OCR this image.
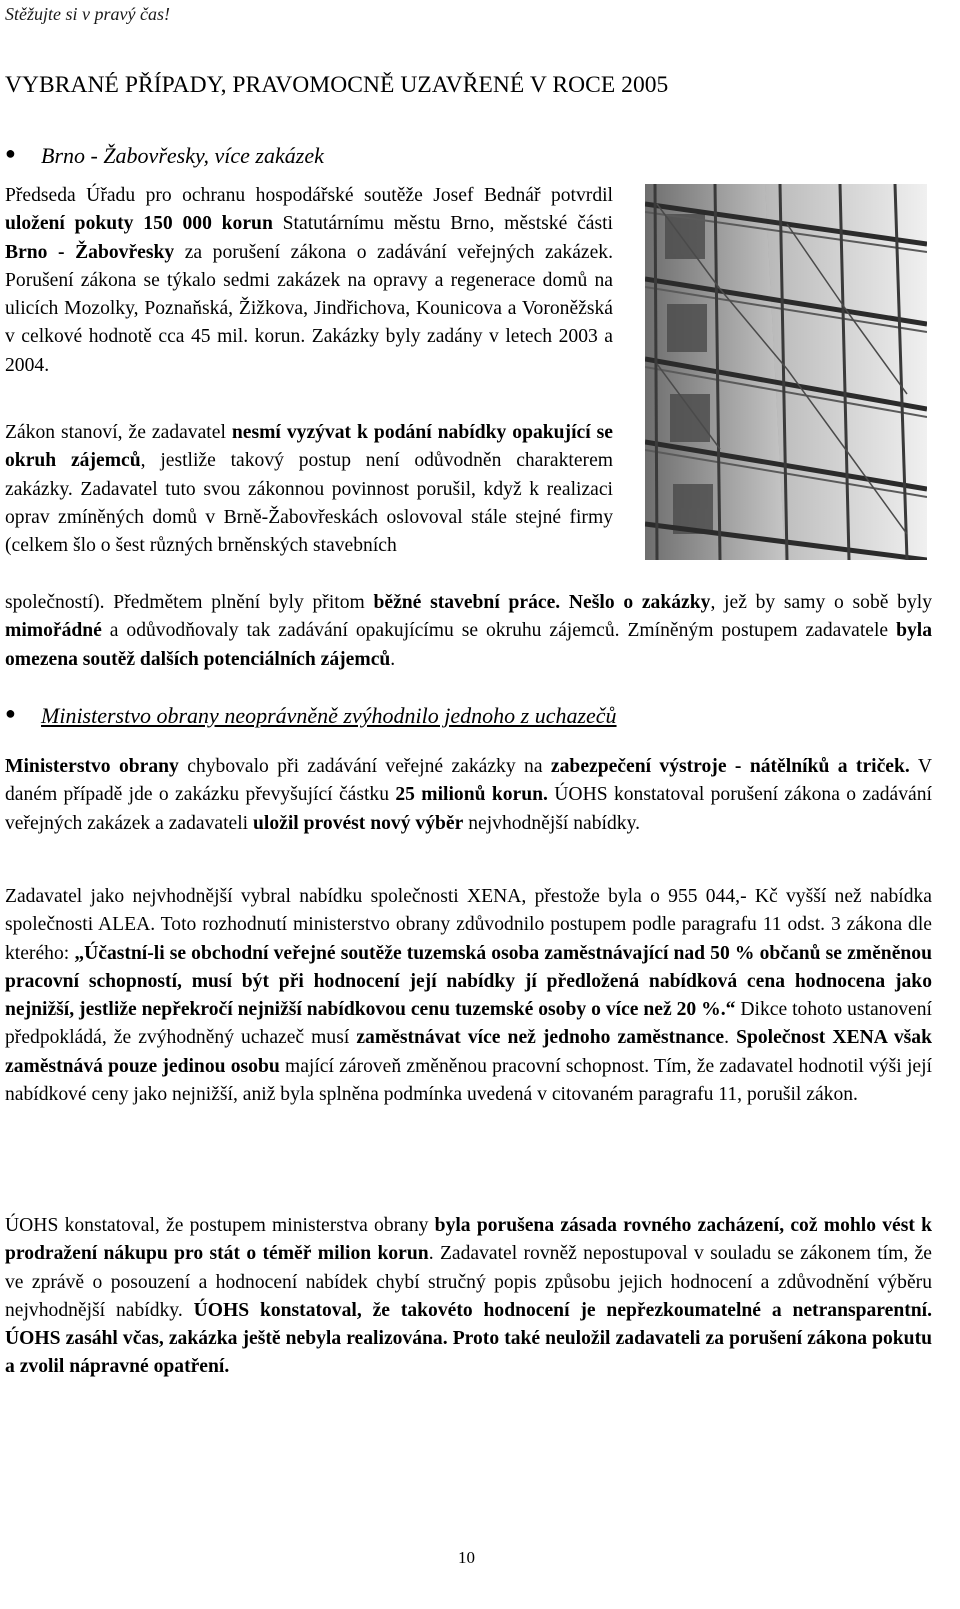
Stěžujte si v pravý čas!
VYBRANÉ PŘÍPADY, PRAVOMOCNĚ UZAVŘENÉ V ROCE 2005
● Brno - Žabovřesky, více zakázek

Předseda Úřadu pro ochranu hospodářské soutěže Josef Bednář potvrdil uložení pokuty 150 000 korun Statutárnímu městu Brno, městské části Brno - Žabovřesky za porušení zákona o zadávání veřejných zakázek. Porušení zákona se týkalo sedmi zakázek na opravy a regenerace domů na ulicích Mozolky, Poznaňská, Žižkova, Jindřichova, Kounicova a Voroněžská v celkové hodnotě cca 45 mil. korun. Zakázky byly zadány v letech 2003 a 2004.

Zákon stanoví, že zadavatel nesmí vyzývat k podání nabídky opakující se okruh zájemců, jestliže takový postup není odůvodněn charakterem zakázky. Zadavatel tuto svou zákonnou povinnost porušil, když k realizaci oprav zmíněných domů v Brně-Žabovřeskách oslovoval stále stejné firmy (celkem šlo o šest různých brněnských stavebních

společností). Předmětem plnění byly přitom běžné stavební práce. Nešlo o zakázky, jež by samy o sobě byly mimořádné a odůvodňovaly tak zadávání opakujícímu se okruhu zájemců. Zmíněným postupem zadavatele byla omezena soutěž dalších potenciálních zájemců.

● Ministerstvo obrany neoprávněně zvýhodnilo jednoho z uchazečů

Ministerstvo obrany chybovalo při zadávání veřejné zakázky na zabezpečení výstroje - nátělníků a triček. V daném případě jde o zakázku převyšující částku 25 milionů korun. ÚOHS konstatoval porušení zákona o zadávání veřejných zakázek a zadavateli uložil provést nový výběr nejvhodnější nabídky.

Zadavatel jako nejvhodnější vybral nabídku společnosti XENA, přestože byla o 955 044,- Kč vyšší než nabídka společnosti ALEA. Toto rozhodnutí ministerstvo obrany zdůvodnilo postupem podle paragrafu 11 odst. 3 zákona dle kterého: „Účastní-li se obchodní veřejné soutěže tuzemská osoba zaměstnávající nad 50 % občanů se změněnou pracovní schopností, musí být při hodnocení její nabídky jí předložená nabídková cena hodnocena jako nejnižší, jestliže nepřekročí nejnižší nabídkovou cenu tuzemské osoby o více než 20 %.“ Dikce tohoto ustanovení předpokládá, že zvýhodněný uchazeč musí zaměstnávat více než jednoho zaměstnance. Společnost XENA však zaměstnává pouze jedinou osobu mající zároveň změněnou pracovní schopnost. Tím, že zadavatel hodnotil výši její nabídkové ceny jako nejnižší, aniž byla splněna podmínka uvedená v citovaném paragrafu 11, porušil zákon.

ÚOHS konstatoval, že postupem ministerstva obrany byla porušena zásada rovného zacházení, což mohlo vést k prodražení nákupu pro stát o téměř milion korun. Zadavatel rovněž nepostupoval v souladu se zákonem tím, že ve zprávě o posouzení a hodnocení nabídek chybí stručný popis způsobu jejich hodnocení a zdůvodnění výběru nejvhodnější nabídky. ÚOHS konstatoval, že takovéto hodnocení je nepřezkoumatelné a netransparentní. ÚOHS zasáhl včas, zakázka ještě nebyla realizována. Proto také neuložil zadavateli za porušení zákona pokutu a zvolil nápravné opatření.

10
